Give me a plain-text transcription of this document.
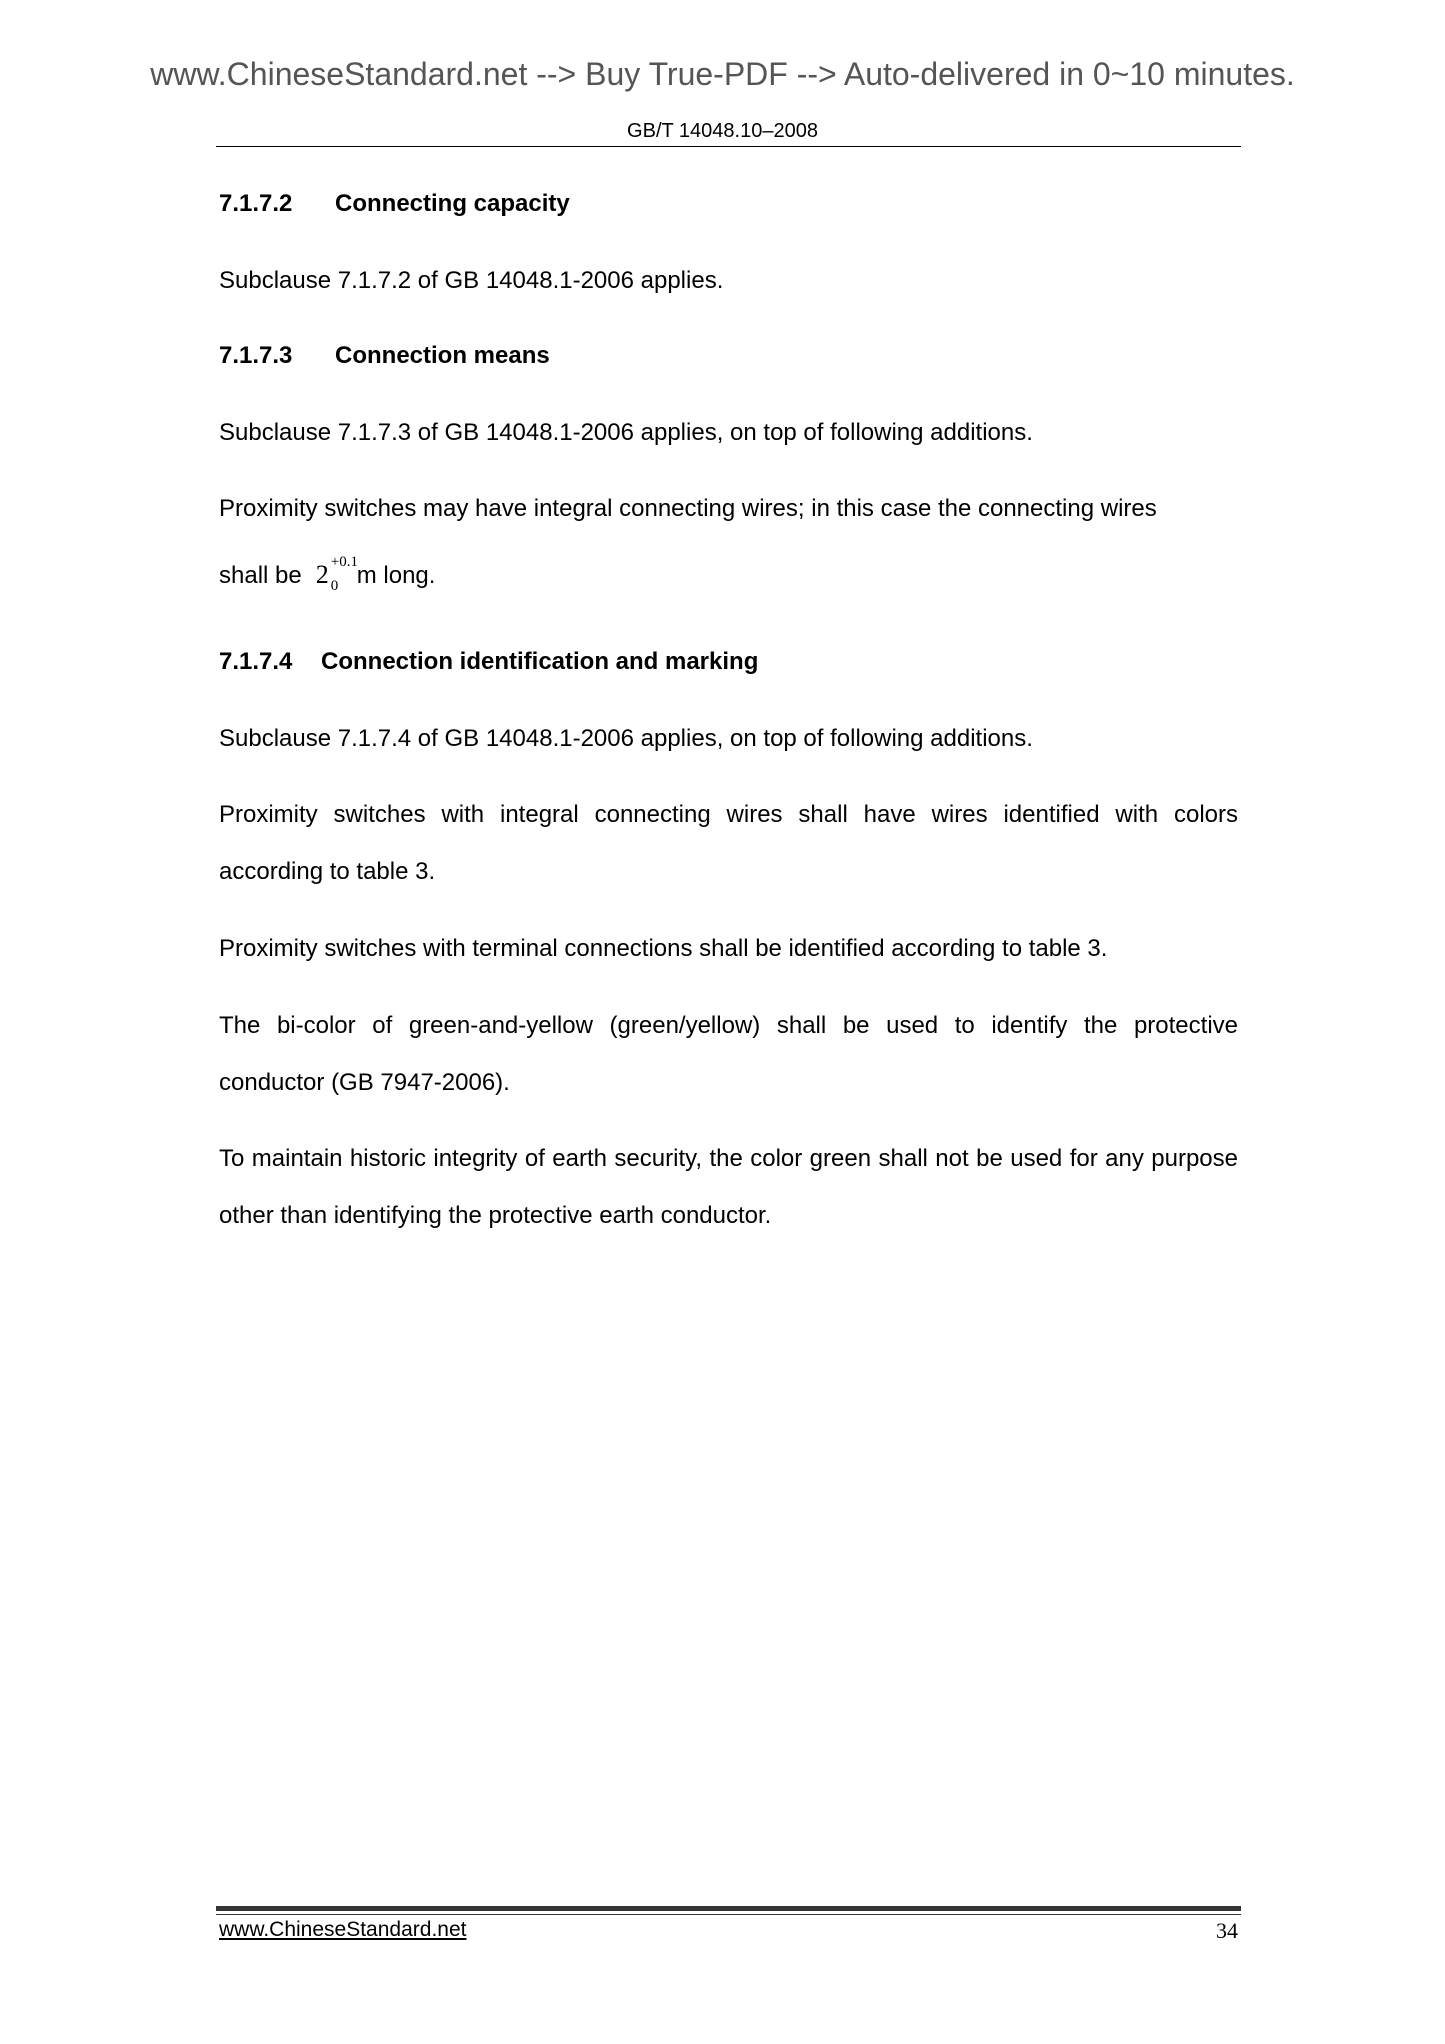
www.ChineseStandard.net --> Buy True-PDF --> Auto-delivered in 0~10 minutes.
GB/T 14048.10–2008
7.1.7.2 Connecting capacity

Subclause 7.1.7.2 of GB 14048.1-2006 applies.

7.1.7.3 Connection means

Subclause 7.1.7.3 of GB 14048.1-2006 applies, on top of following additions.

Proximity switches may have integral connecting wires; in this case the connecting wires

shall be 2 +0.1
0 m long.

7.1.7.4 Connection identification and marking

Subclause 7.1.7.4 of GB 14048.1-2006 applies, on top of following additions.

Proximity switches with integral connecting wires shall have wires identified with colors according to table 3.

Proximity switches with terminal connections shall be identified according to table 3.

The bi-color of green-and-yellow (green/yellow) shall be used to identify the protective conductor (GB 7947-2006).

To maintain historic integrity of earth security, the color green shall not be used for any purpose other than identifying the protective earth conductor.

www.ChineseStandard.net	34
